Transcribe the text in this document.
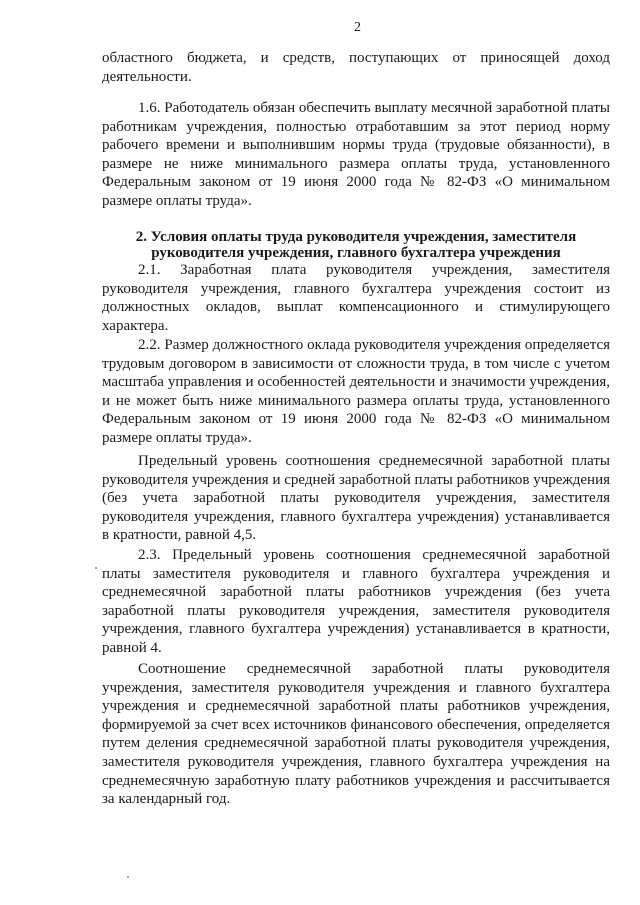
2

областного бюджета, и средств, поступающих от приносящей доход деятельности.

1.6. Работодатель обязан обеспечить выплату месячной заработной платы работникам учреждения, полностью отработавшим за этот период норму рабочего времени и выполнившим нормы труда (трудовые обязанности), в размере не ниже минимального размера оплаты труда, установленного Федеральным законом от 19 июня 2000 года № 82-ФЗ «О минимальном размере оплаты труда».

2. Условия оплаты труда руководителя учреждения, заместителя руководителя учреждения, главного бухгалтера учреждения

2.1. Заработная плата руководителя учреждения, заместителя руководителя учреждения, главного бухгалтера учреждения состоит из должностных окладов, выплат компенсационного и стимулирующего характера.

2.2. Размер должностного оклада руководителя учреждения определяется трудовым договором в зависимости от сложности труда, в том числе с учетом масштаба управления и особенностей деятельности и значимости учреждения, и не может быть ниже минимального размера оплаты труда, установленного Федеральным законом от 19 июня 2000 года № 82-ФЗ «О минимальном размере оплаты труда».

Предельный уровень соотношения среднемесячной заработной платы руководителя учреждения и средней заработной платы работников учреждения (без учета заработной платы руководителя учреждения, заместителя руководителя учреждения, главного бухгалтера учреждения) устанавливается в кратности, равной 4,5.

2.3. Предельный уровень соотношения среднемесячной заработной платы заместителя руководителя и главного бухгалтера учреждения и среднемесячной заработной платы работников учреждения (без учета заработной платы руководителя учреждения, заместителя руководителя учреждения, главного бухгалтера учреждения) устанавливается в кратности, равной 4.

Соотношение среднемесячной заработной платы руководителя учреждения, заместителя руководителя учреждения и главного бухгалтера учреждения и среднемесячной заработной платы работников учреждения, формируемой за счет всех источников финансового обеспечения, определяется путем деления среднемесячной заработной платы руководителя учреждения, заместителя руководителя учреждения, главного бухгалтера учреждения на среднемесячную заработную плату работников учреждения и рассчитывается за календарный год.
